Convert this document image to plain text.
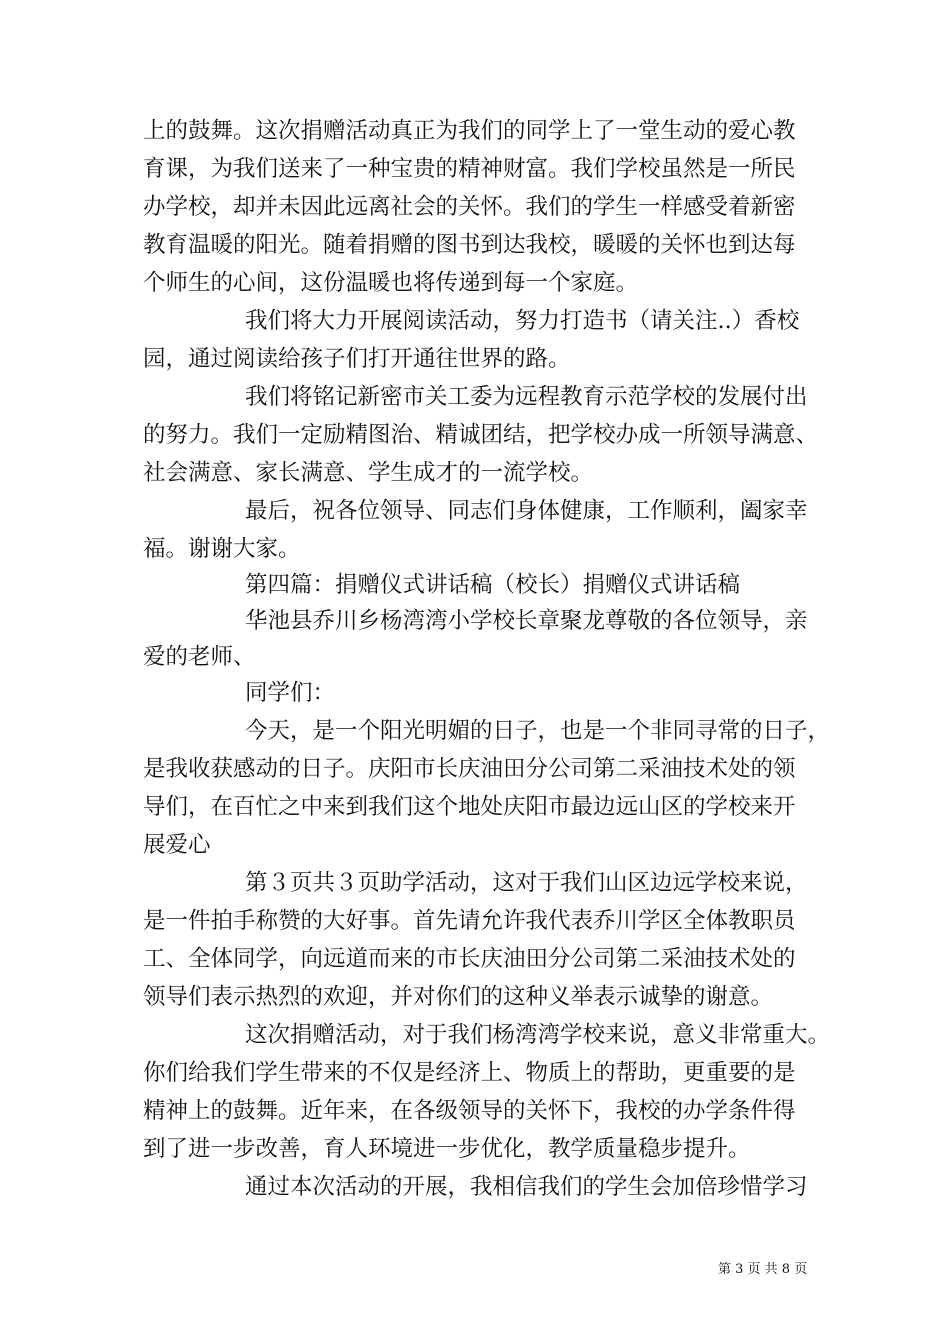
上的鼓舞。这次捐赠活动真正为我们的同学上了一堂生动的爱心教
育课，为我们送来了一种宝贵的精神财富。我们学校虽然是一所民
办学校，却并未因此远离社会的关怀。我们的学生一样感受着新密
教育温暖的阳光。随着捐赠的图书到达我校，暖暖的关怀也到达每
个师生的心间，这份温暖也将传递到每一个家庭。
我们将大力开展阅读活动，努力打造书（请关注..）香校
园，通过阅读给孩子们打开通往世界的路。
我们将铭记新密市关工委为远程教育示范学校的发展付出
的努力。我们一定励精图治、精诚团结，把学校办成一所领导满意、
社会满意、家长满意、学生成才的一流学校。
最后，祝各位领导、同志们身体健康，工作顺利，阖家幸
福。谢谢大家。
第四篇：捐赠仪式讲话稿（校长）捐赠仪式讲话稿
华池县乔川乡杨湾湾小学校长章聚龙尊敬的各位领导，亲
爱的老师、
同学们：
今天，是一个阳光明媚的日子，也是一个非同寻常的日子，
是我收获感动的日子。庆阳市长庆油田分公司第二采油技术处的领
导们，在百忙之中来到我们这个地处庆阳市最边远山区的学校来开
展爱心
第３页共３页助学活动，这对于我们山区边远学校来说，
是一件拍手称赞的大好事。首先请允许我代表乔川学区全体教职员
工、全体同学，向远道而来的市长庆油田分公司第二采油技术处的
领导们表示热烈的欢迎，并对你们的这种义举表示诚挚的谢意。
这次捐赠活动，对于我们杨湾湾学校来说，意义非常重大。
你们给我们学生带来的不仅是经济上、物质上的帮助，更重要的是
精神上的鼓舞。近年来，在各级领导的关怀下，我校的办学条件得
到了进一步改善，育人环境进一步优化，教学质量稳步提升。
通过本次活动的开展，我相信我们的学生会加倍珍惜学习
第 3 页 共 8 页
